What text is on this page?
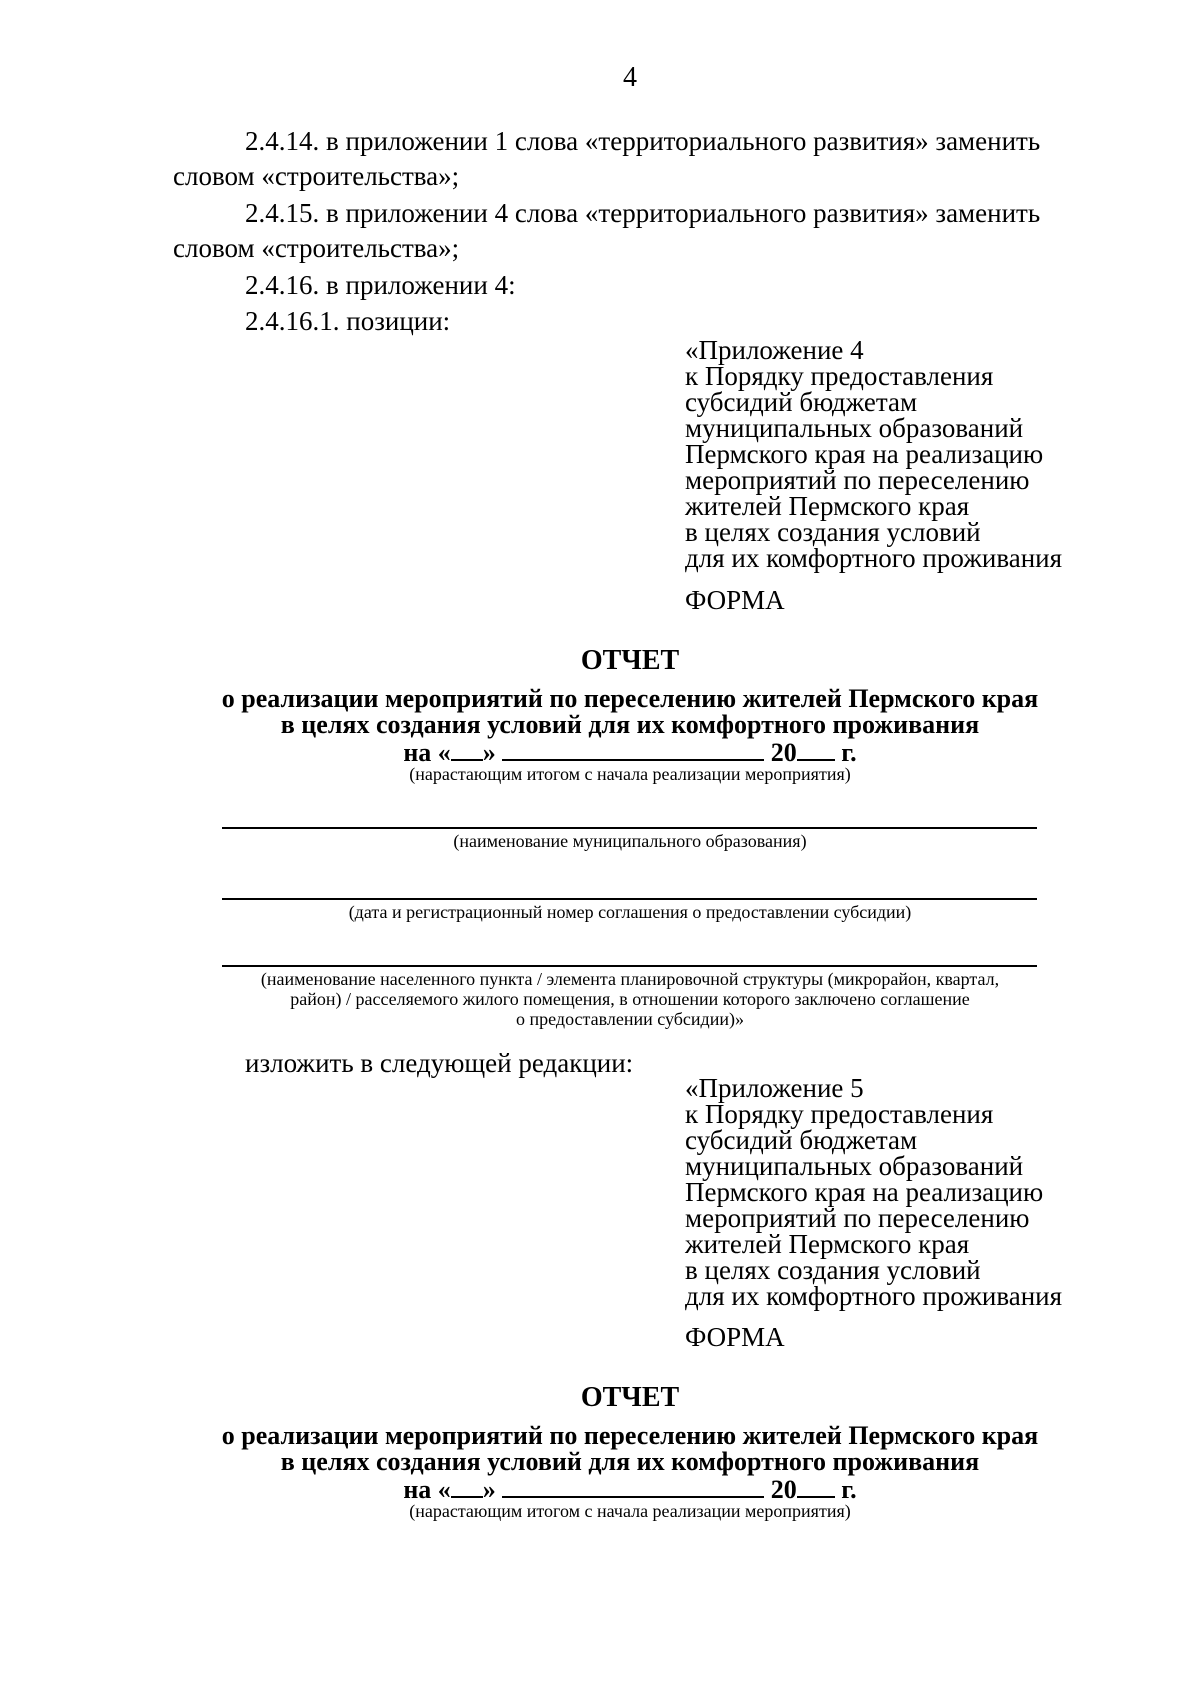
4
2.4.14. в приложении 1 слова «территориального развития» заменить словом «строительства»;
2.4.15. в приложении 4 слова «территориального развития» заменить словом «строительства»;
2.4.16. в приложении 4:
2.4.16.1. позиции:
«Приложение 4
к Порядку предоставления
субсидий бюджетам
муниципальных образований
Пермского края на реализацию
мероприятий по переселению
жителей Пермского края
в целях создания условий
для их комфортного проживания
ФОРМА
ОТЧЕТ
о реализации мероприятий по переселению жителей Пермского края
в целях создания условий для их комфортного проживания
на « »	20 г.
(нарастающим итогом с начала реализации мероприятия)
(наименование муниципального образования)
(дата и регистрационный номер соглашения о предоставлении субсидии)
(наименование населенного пункта / элемента планировочной структуры (микрорайон, квартал,
район) / расселяемого жилого помещения, в отношении которого заключено соглашение
о предоставлении субсидии)»
изложить в следующей редакции:
«Приложение 5
к Порядку предоставления
субсидий бюджетам
муниципальных образований
Пермского края на реализацию
мероприятий по переселению
жителей Пермского края
в целях создания условий
для их комфортного проживания
ФОРМА
ОТЧЕТ
о реализации мероприятий по переселению жителей Пермского края
в целях создания условий для их комфортного проживания
на « »	20 г.
(нарастающим итогом с начала реализации мероприятия)
